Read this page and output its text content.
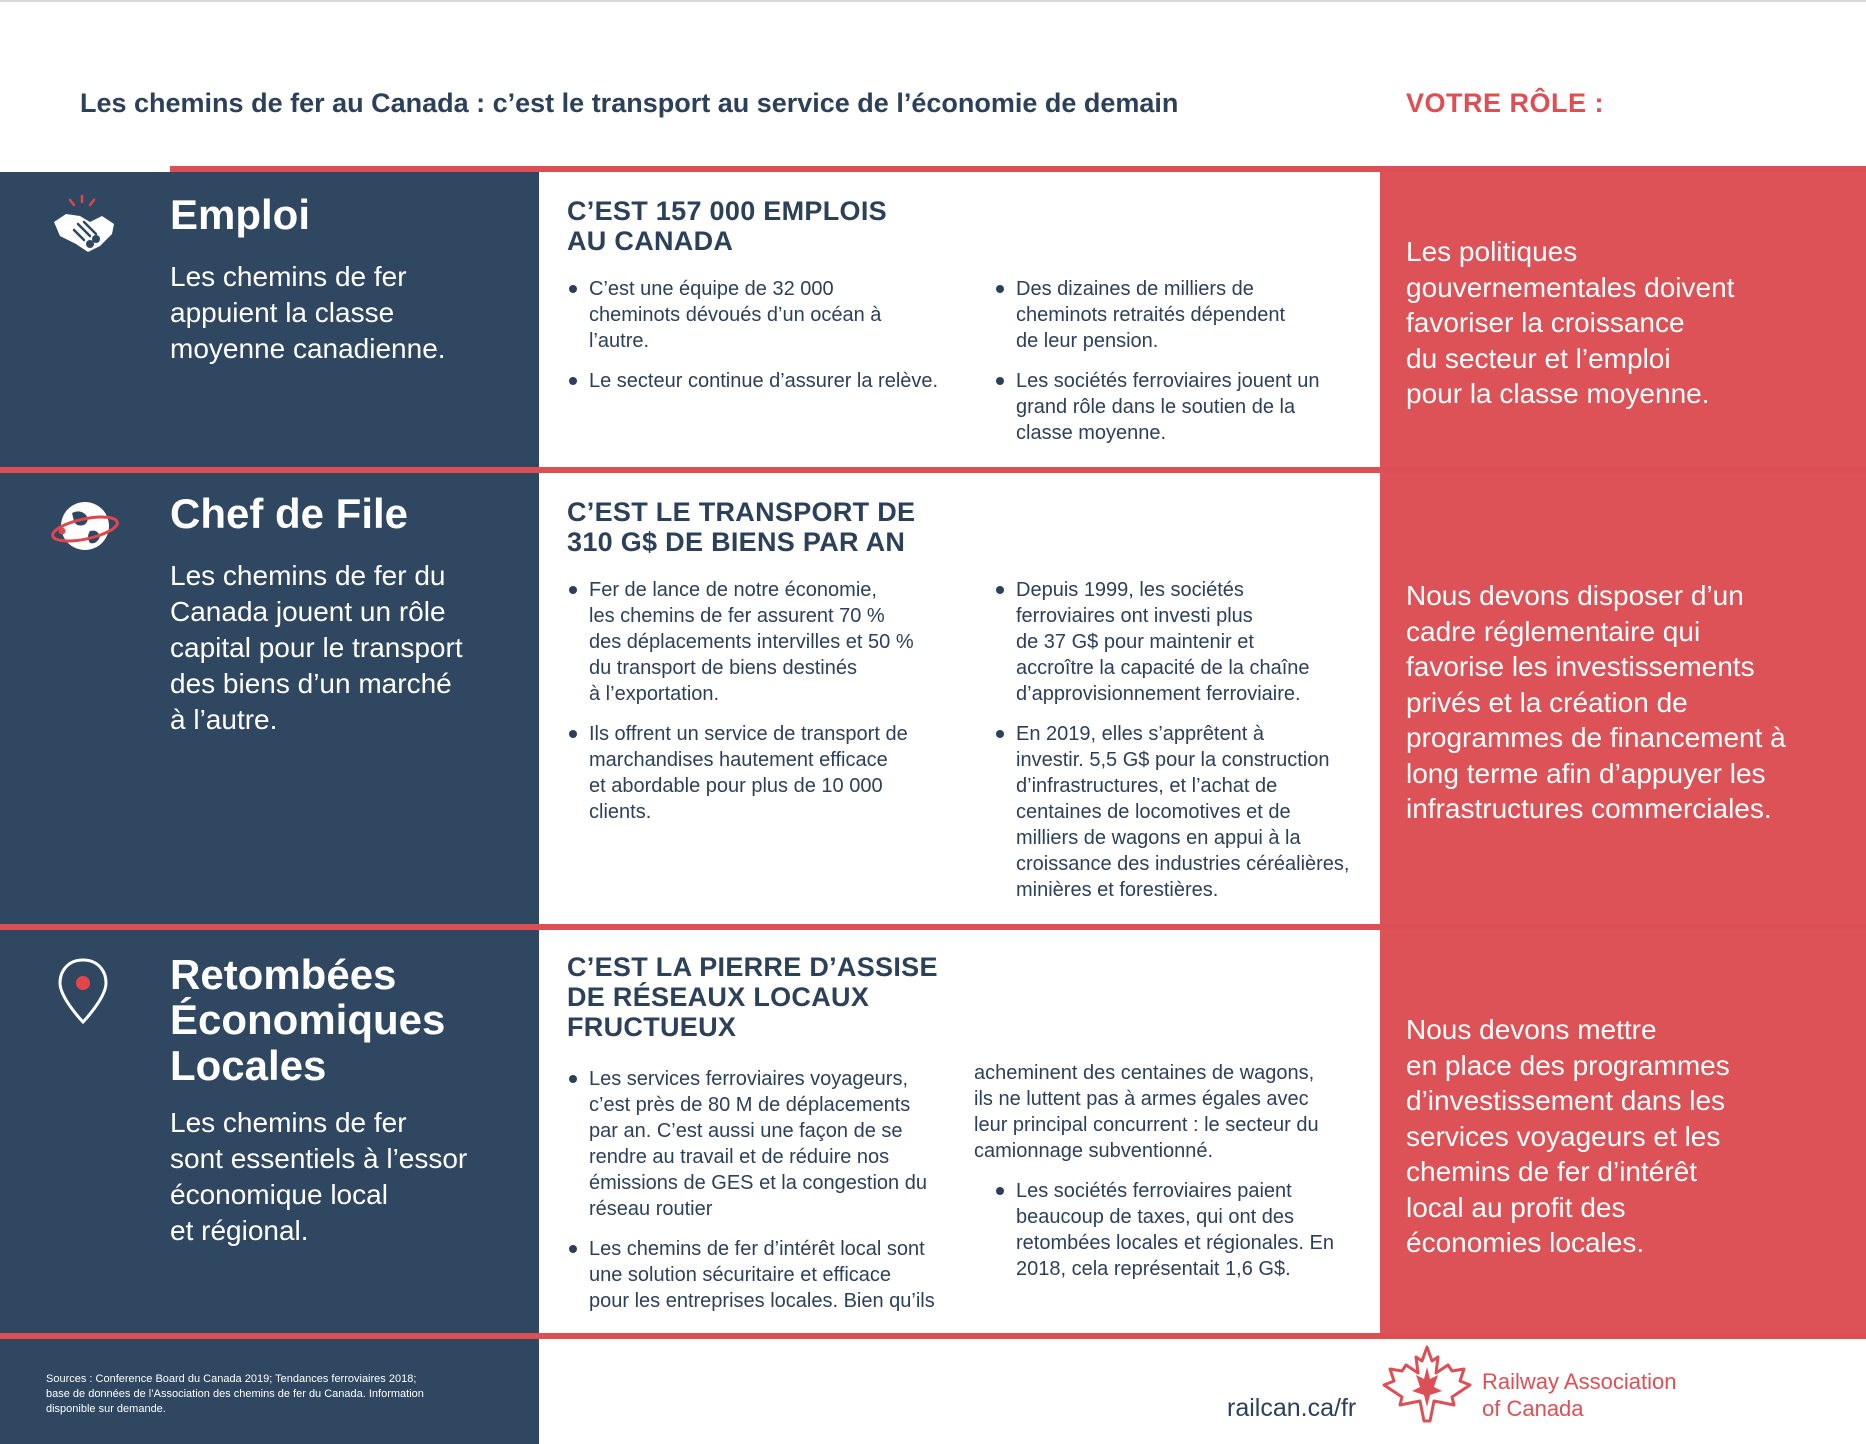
Les chemins de fer au Canada : c’est le transport au service de l’économie de demain	VOTRE RÔLE :
Emploi

Les chemins de fer
appuient la classe
moyenne canadienne.

C’EST 157 000 EMPLOIS
AU CANADA
C’est une équipe de 32 000
cheminots dévoués d’un océan à
l’autre.
Le secteur continue d’assurer la relève.
Des dizaines de milliers de
cheminots retraités dépendent
de leur pension.
Les sociétés ferroviaires jouent un
grand rôle dans le soutien de la
classe moyenne.

Les politiques
gouvernementales doivent
favoriser la croissance
du secteur et l’emploi
pour la classe moyenne.

Chef de File

Les chemins de fer du
Canada jouent un rôle
capital pour le transport
des biens d’un marché
à l’autre.

C’EST LE TRANSPORT DE
310 G$ DE BIENS PAR AN
Fer de lance de notre économie,
les chemins de fer assurent 70 %
des déplacements intervilles et 50 %
du transport de biens destinés
à l’exportation.
Ils offrent un service de transport de
marchandises hautement efficace
et abordable pour plus de 10 000
clients.
Depuis 1999, les sociétés
ferroviaires ont investi plus
de 37 G$ pour maintenir et
accroître la capacité de la chaîne
d’approvisionnement ferroviaire.
En 2019, elles s’apprêtent à
investir. 5,5 G$ pour la construction
d’infrastructures, et l’achat de
centaines de locomotives et de
milliers de wagons en appui à la
croissance des industries céréalières,
minières et forestières.

Nous devons disposer d’un
cadre réglementaire qui
favorise les investissements
privés et la création de
programmes de financement à
long terme afin d’appuyer les
infrastructures commerciales.

Retombées
Économiques
Locales

Les chemins de fer
sont essentiels à l’essor
économique local
et régional.

C’EST LA PIERRE D’ASSISE
DE RÉSEAUX LOCAUX
FRUCTUEUX
Les services ferroviaires voyageurs,
c’est près de 80 M de déplacements
par an. C’est aussi une façon de se
rendre au travail et de réduire nos
émissions de GES et la congestion du
réseau routier
Les chemins de fer d’intérêt local sont
une solution sécuritaire et efficace
pour les entreprises locales. Bien qu’ils

acheminent des centaines de wagons,
ils ne luttent pas à armes égales avec
leur principal concurrent : le secteur du
camionnage subventionné.

Les sociétés ferroviaires paient
beaucoup de taxes, qui ont des
retombées locales et régionales. En
2018, cela représentait 1,6 G$.

Nous devons mettre
en place des programmes
d’investissement dans les
services voyageurs et les
chemins de fer d’intérêt
local au profit des
économies locales.

Sources : Conference Board du Canada 2019; Tendances ferroviaires 2018; base de données de l’Association des chemins de fer du Canada. Information disponible sur demande.	railcan.ca/fr
Railway Association
of Canada
